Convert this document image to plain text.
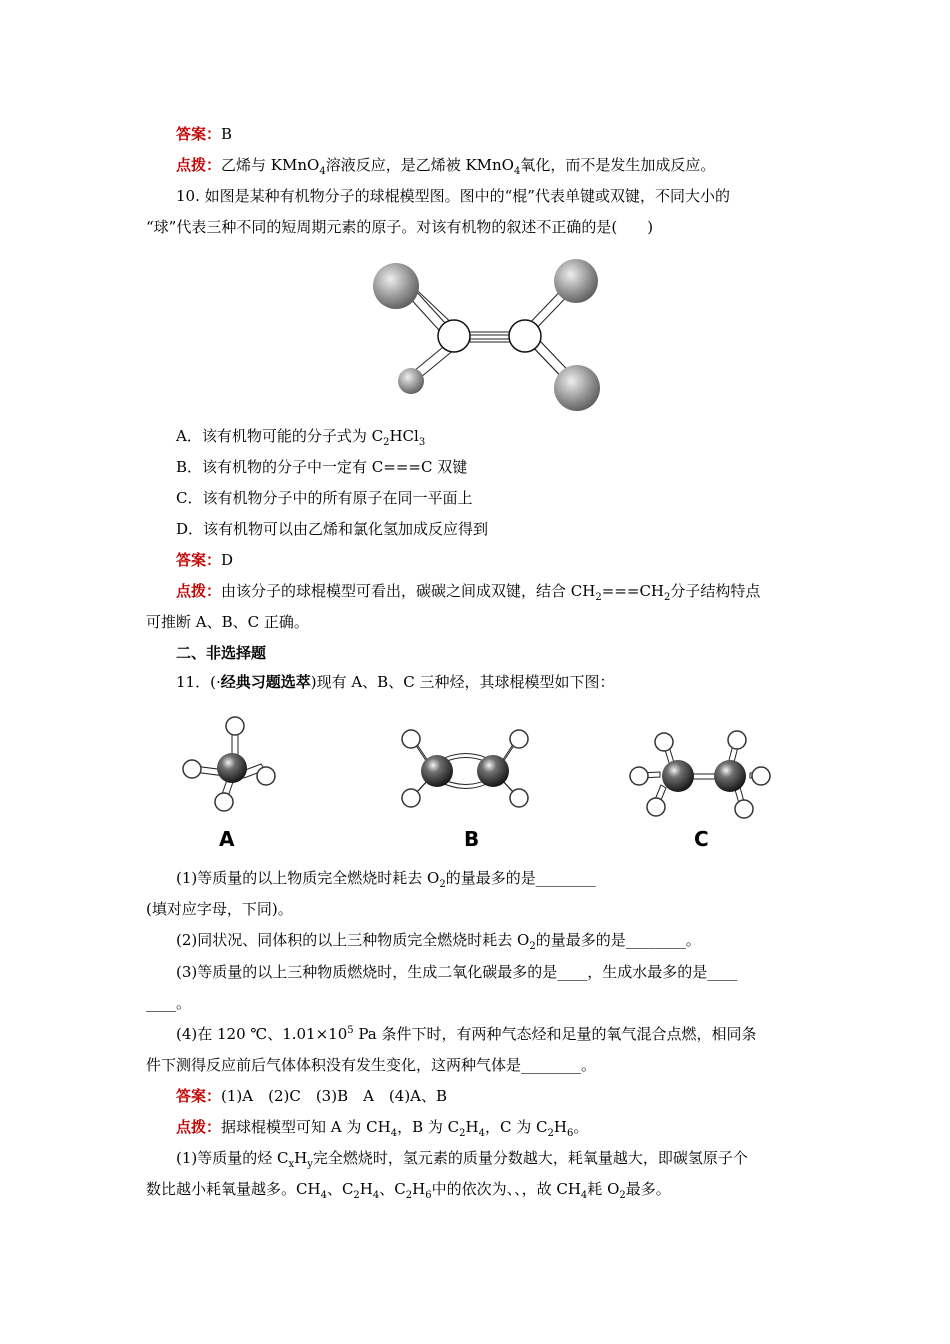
答案：B
点拨：乙烯与 KMnO$_4$溶液反应，是乙烯被 KMnO$_4$氧化，而不是发生加成反应。
10. 如图是某种有机物分子的球棍模型图。图中的“棍”代表单键或双键，不同大小的
“球”代表三种不同的短周期元素的原子。对该有机物的叙述不正确的是(　　)
A．该有机物可能的分子式为 $C_2HCl_3$
B．该有机物的分子中一定有 C===C 双键
C．该有机物分子中的所有原子在同一平面上
D．该有机物可以由乙烯和氯化氢加成反应得到
答案：D
点拨：由该分子的球棍模型可看出，碳碳之间成双键，结合 $CH_2===CH_2$分子结构特点
可推断 A、B、C 正确。
二、非选择题
11．(·经典习题选萃)现有 A、B、C 三种烃，其球棍模型如下图：
A	B	C
(1)等质量的以上物质完全燃烧时耗去 $O_2$的量最多的是________
(填对应字母，下同)。
(2)同状况、同体积的以上三种物质完全燃烧时耗去 $O_2$的量最多的是________。
(3)等质量的以上三种物质燃烧时，生成二氧化碳最多的是____，生成水最多的是____
____。
(4)在 120 ℃、$1.01\times 10^5$ Pa 条件下时，有两种气态烃和足量的氧气混合点燃，相同条
件下测得反应前后气体体积没有发生变化，这两种气体是________。
答案：(1)A　(2)C　(3)B　A　(4)A、B
点拨：据球棍模型可知 A 为 $CH_4$，B 为 $C_2H_4$，C 为 $C_2H_6$。
(1)等质量的烃 $C_xH_y$完全燃烧时，氢元素的质量分数越大，耗氧量越大，即碳氢原子个
数比越小耗氧量越多。$CH_4$、$C_2H_4$、$C_2H_6$中的依次为、、，故 $CH_4$耗 $O_2$最多。
